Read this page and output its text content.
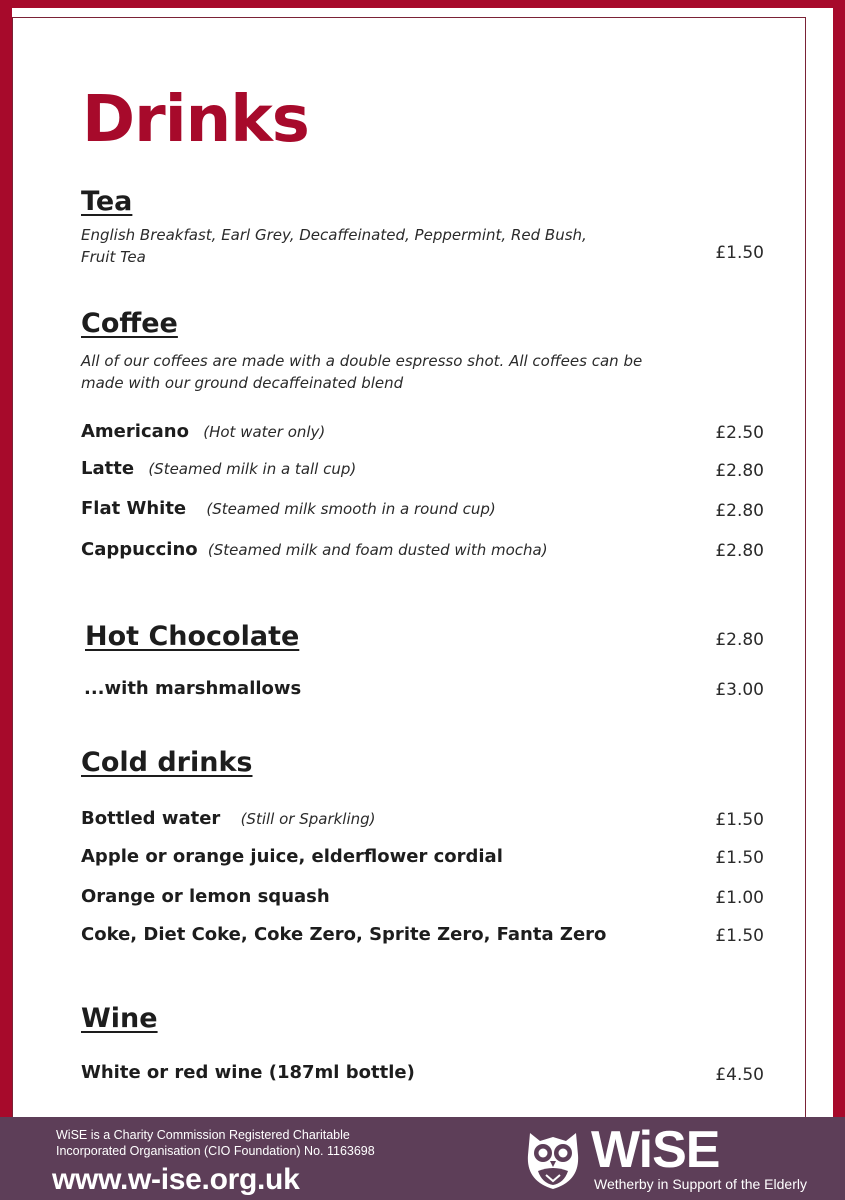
Drinks
Tea

English Breakfast, Earl Grey, Decaffeinated, Peppermint, Red Bush,
Fruit Tea	£1.50
Coffee

All of our coffees are made with a double espresso shot. All coffees can be
made with our ground decaffeinated blend

Americano (Hot water only)	£2.50
Latte (Steamed milk in a tall cup)	£2.80
Flat White (Steamed milk smooth in a round cup)	£2.80
Cappuccino (Steamed milk and foam dusted with mocha)	£2.80
Hot Chocolate	£2.80
...with marshmallows	£3.00
Cold drinks
Bottled water (Still or Sparkling)	£1.50
Apple or orange juice, elderflower cordial	£1.50
Orange or lemon squash	£1.00
Coke, Diet Coke, Coke Zero, Sprite Zero, Fanta Zero	£1.50
Wine
White or red wine (187ml bottle)	£4.50
WiSE is a Charity Commission Registered Charitable
Incorporated Organisation (CIO Foundation) No. 1163698
www.w-ise.org.uk
WiSE
Wetherby in Support of the Elderly
